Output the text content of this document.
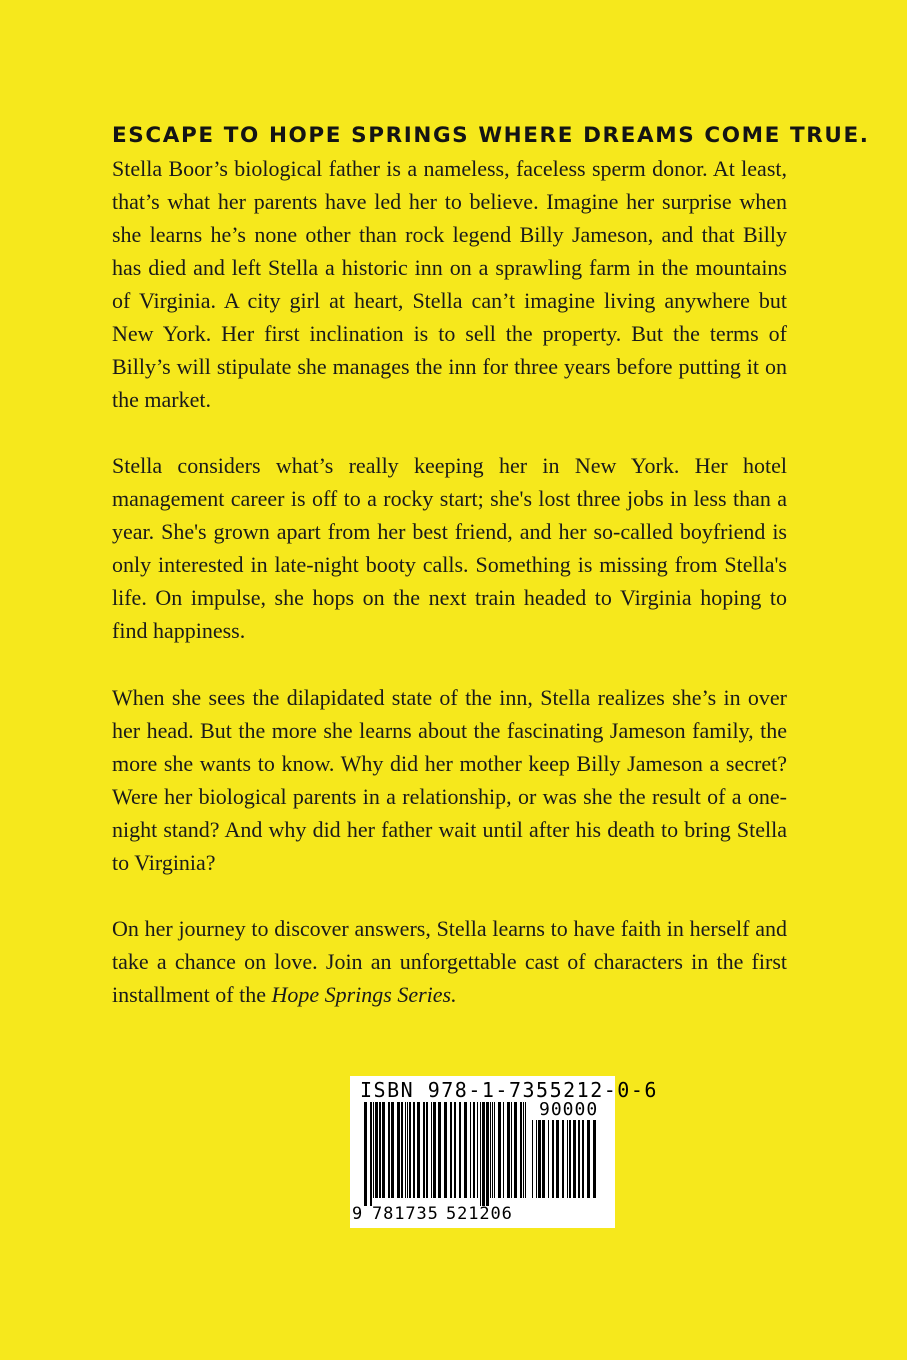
ESCAPE TO HOPE SPRINGS WHERE DREAMS COME TRUE.

Stella Boor’s biological father is a nameless, faceless sperm donor. At least, that’s what her parents have led her to believe. Imagine her surprise when she learns he’s none other than rock legend Billy Jameson, and that Billy has died and left Stella a historic inn on a sprawling farm in the mountains of Virginia. A city girl at heart, Stella can’t imagine living anywhere but New York. Her first inclination is to sell the property. But the terms of Billy’s will stipulate she manages the inn for three years before putting it on the market.

Stella considers what’s really keeping her in New York. Her hotel management career is off to a rocky start; she's lost three jobs in less than a year. She's grown apart from her best friend, and her so-called boyfriend is only interested in late-night booty calls. Something is missing from Stella's life. On impulse, she hops on the next train headed to Virginia hoping to find happiness.

When she sees the dilapidated state of the inn, Stella realizes she’s in over her head. But the more she learns about the fascinating Jameson family, the more she wants to know. Why did her mother keep Billy Jameson a secret? Were her biological parents in a relationship, or was she the result of a one-night stand? And why did her father wait until after his death to bring Stella to Virginia?

On her journey to discover answers, Stella learns to have faith in herself and take a chance on love. Join an unforgettable cast of characters in the first installment of the Hope Springs Series.

ISBN 978-1-7355212-0-6
90000
9 781735 521206
